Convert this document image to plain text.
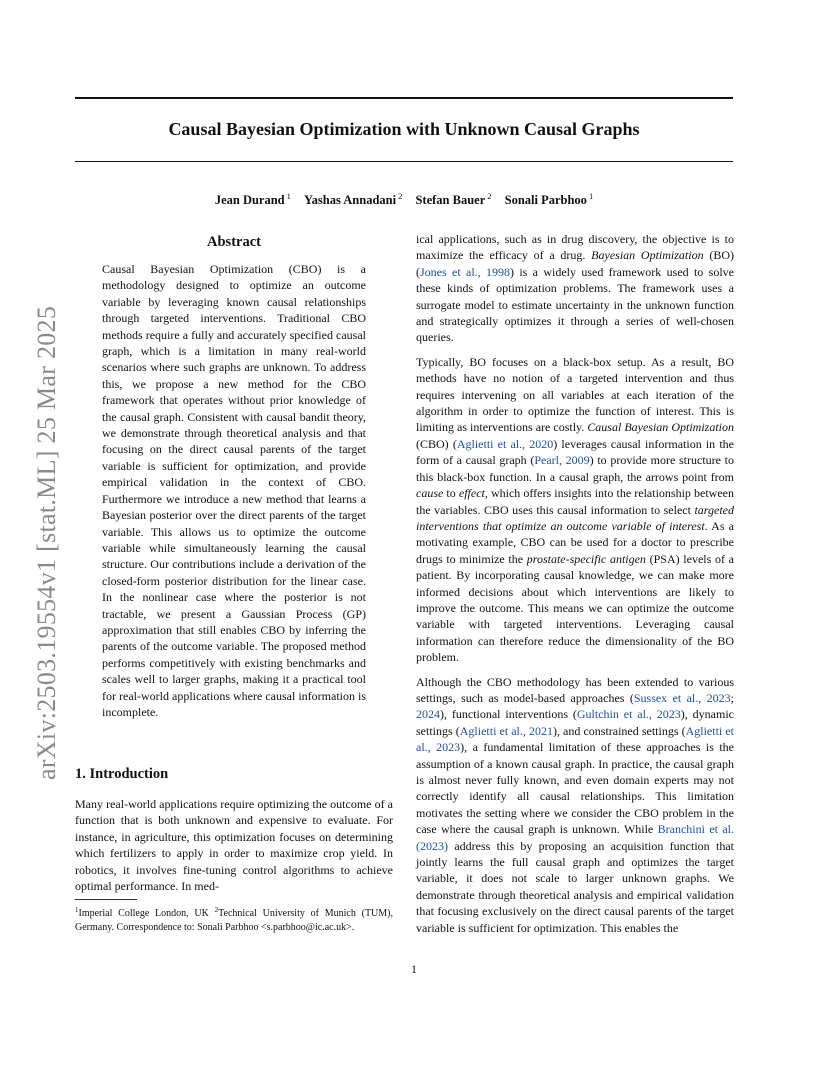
arXiv:2503.19554v1 [stat.ML] 25 Mar 2025
Causal Bayesian Optimization with Unknown Causal Graphs
Jean Durand $^1$ Yashas Annadani $^2$ Stefan Bauer $^2$ Sonali Parbhoo $^1$
Abstract

Causal Bayesian Optimization (CBO) is a methodology designed to optimize an outcome variable by leveraging known causal relationships through targeted interventions. Traditional CBO methods require a fully and accurately specified causal graph, which is a limitation in many real-world scenarios where such graphs are unknown. To address this, we propose a new method for the CBO framework that operates without prior knowledge of the causal graph. Consistent with causal bandit theory, we demonstrate through theoretical analysis and that focusing on the direct causal parents of the target variable is sufficient for optimization, and provide empirical validation in the context of CBO. Furthermore we introduce a new method that learns a Bayesian posterior over the direct parents of the target variable. This allows us to optimize the outcome variable while simultaneously learning the causal structure. Our contributions include a derivation of the closed-form posterior distribution for the linear case. In the nonlinear case where the posterior is not tractable, we present a Gaussian Process (GP) approximation that still enables CBO by inferring the parents of the outcome variable. The proposed method performs competitively with existing benchmarks and scales well to larger graphs, making it a practical tool for real-world applications where causal information is incomplete.

1. Introduction

Many real-world applications require optimizing the outcome of a function that is both unknown and expensive to evaluate. For instance, in agriculture, this optimization focuses on determining which fertilizers to apply in order to maximize crop yield. In robotics, it involves fine-tuning control algorithms to achieve optimal performance. In med-

$^1$Imperial College London, UK $^2$Technical University of Munich (TUM), Germany. Correspondence to: Sonali Parbhoo <s.parbhoo@ic.ac.uk>.

ical applications, such as in drug discovery, the objective is to maximize the efficacy of a drug. Bayesian Optimization (BO) (Jones et al., 1998) is a widely used framework used to solve these kinds of optimization problems. The framework uses a surrogate model to estimate uncertainty in the unknown function and strategically optimizes it through a series of well-chosen queries.

Typically, BO focuses on a black-box setup. As a result, BO methods have no notion of a targeted intervention and thus requires intervening on all variables at each iteration of the algorithm in order to optimize the function of interest. This is limiting as interventions are costly. Causal Bayesian Optimization (CBO) (Aglietti et al., 2020) leverages causal information in the form of a causal graph (Pearl, 2009) to provide more structure to this black-box function. In a causal graph, the arrows point from cause to effect, which offers insights into the relationship between the variables. CBO uses this causal information to select targeted interventions that optimize an outcome variable of interest. As a motivating example, CBO can be used for a doctor to prescribe drugs to minimize the prostate-specific antigen (PSA) levels of a patient. By incorporating causal knowledge, we can make more informed decisions about which interventions are likely to improve the outcome. This means we can optimize the outcome variable with targeted interventions. Leveraging causal information can therefore reduce the dimensionality of the BO problem.

Although the CBO methodology has been extended to various settings, such as model-based approaches (Sussex et al., 2023; 2024), functional interventions (Gultchin et al., 2023), dynamic settings (Aglietti et al., 2021), and constrained settings (Aglietti et al., 2023), a fundamental limitation of these approaches is the assumption of a known causal graph. In practice, the causal graph is almost never fully known, and even domain experts may not correctly identify all causal relationships. This limitation motivates the setting where we consider the CBO problem in the case where the causal graph is unknown. While Branchini et al. (2023) address this by proposing an acquisition function that jointly learns the full causal graph and optimizes the target variable, it does not scale to larger unknown graphs. We demonstrate through theoretical analysis and empirical validation that focusing exclusively on the direct causal parents of the target variable is sufficient for optimization. This enables the

1
